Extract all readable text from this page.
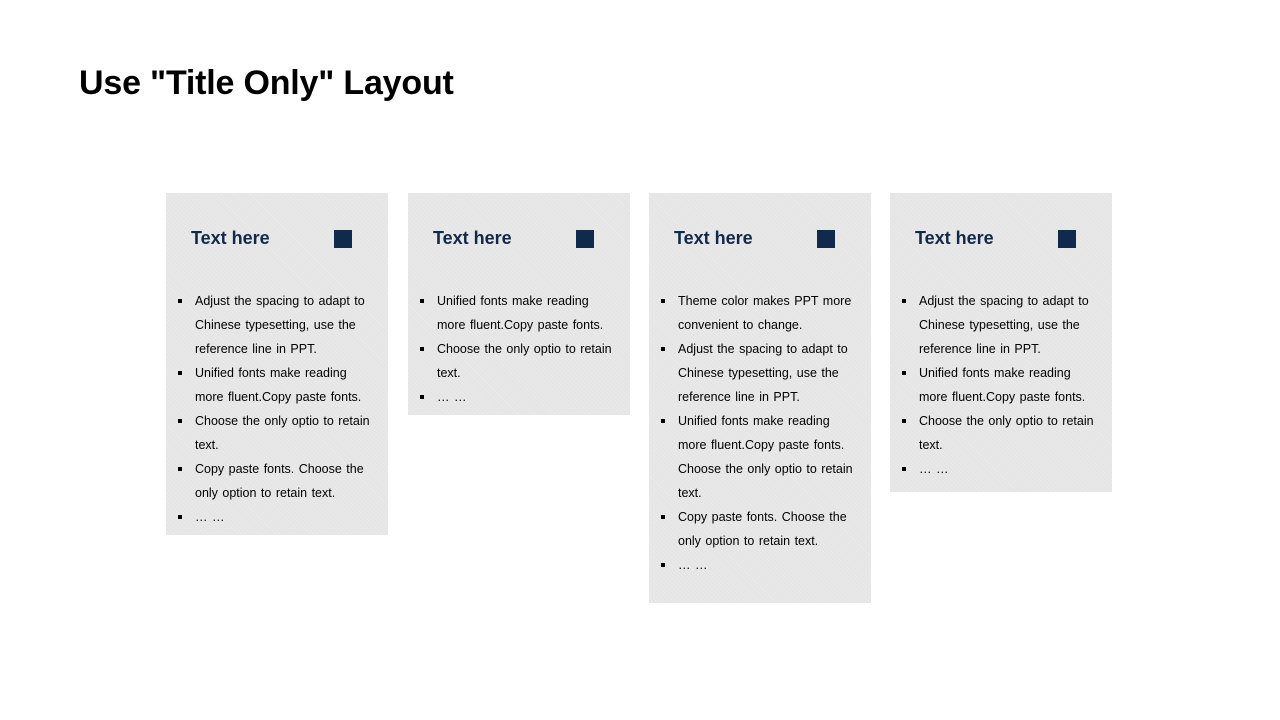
Use "Title Only" Layout
Text here
Adjust the spacing to adapt to Chinese typesetting, use the reference line in PPT.
Unified fonts make reading more fluent.Copy paste fonts.
Choose the only optio to retain text.
Copy paste fonts. Choose the only option to retain text.
… …
Text here
Unified fonts make reading more fluent.Copy paste fonts.
Choose the only optio to retain text.
… …
Text here
Theme color makes PPT more convenient to change.
Adjust the spacing to adapt to Chinese typesetting, use the reference line in PPT.
Unified fonts make reading more fluent.Copy paste fonts. Choose the only optio to retain text.
Copy paste fonts. Choose the only option to retain text.
… …
Text here
Adjust the spacing to adapt to Chinese typesetting, use the reference line in PPT.
Unified fonts make reading more fluent.Copy paste fonts.
Choose the only optio to retain text.
… …
